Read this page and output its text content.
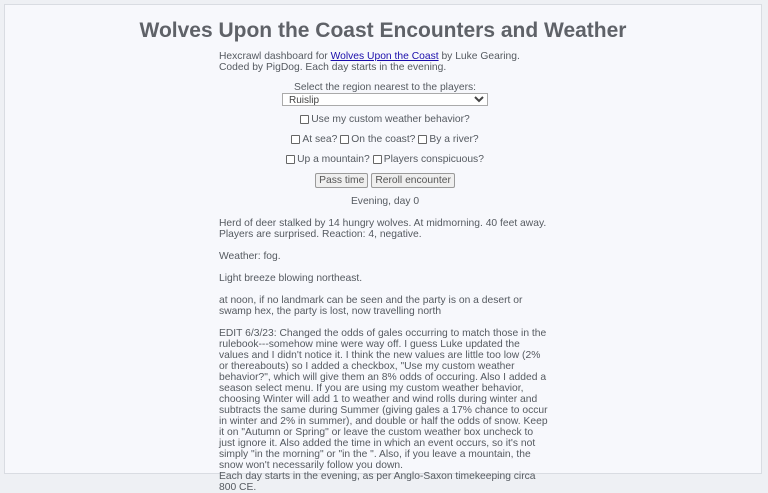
Wolves Upon the Coast Encounters and Weather

Hexcrawl dashboard for Wolves Upon the Coast by Luke Gearing. Coded by PigDog. Each day starts in the evening.

Select the region nearest to the players:

Ruislip
Use my custom weather behavior?
At sea? On the coast? By a river?
Up a mountain? Players conspicuous?
Pass time	Reroll encounter
Evening, day 0

Herd of deer stalked by 14 hungry wolves. At midmorning. 40 feet away. Players are surprised. Reaction: 4, negative.

Weather: fog.

Light breeze blowing northeast.

at noon, if no landmark can be seen and the party is on a desert or swamp hex, the party is lost, now travelling north

EDIT 6/3/23: Changed the odds of gales occurring to match those in the rulebook---somehow mine were way off. I guess Luke updated the values and I didn't notice it. I think the new values are little too low (2% or thereabouts) so I added a checkbox, "Use my custom weather behavior?", which will give them an 8% odds of occuring. Also I added a season select menu. If you are using my custom weather behavior, choosing Winter will add 1 to weather and wind rolls during winter and subtracts the same during Summer (giving gales a 17% chance to occur in winter and 2% in summer), and double or half the odds of snow. Keep it on "Autumn or Spring" or leave the custom weather box uncheck to just ignore it. Also added the time in which an event occurs, so it's not simply "in the morning" or "in the ". Also, if you leave a mountain, the snow won't necessarily follow you down.
Each day starts in the evening, as per Anglo-Saxon timekeeping circa 800 CE.
